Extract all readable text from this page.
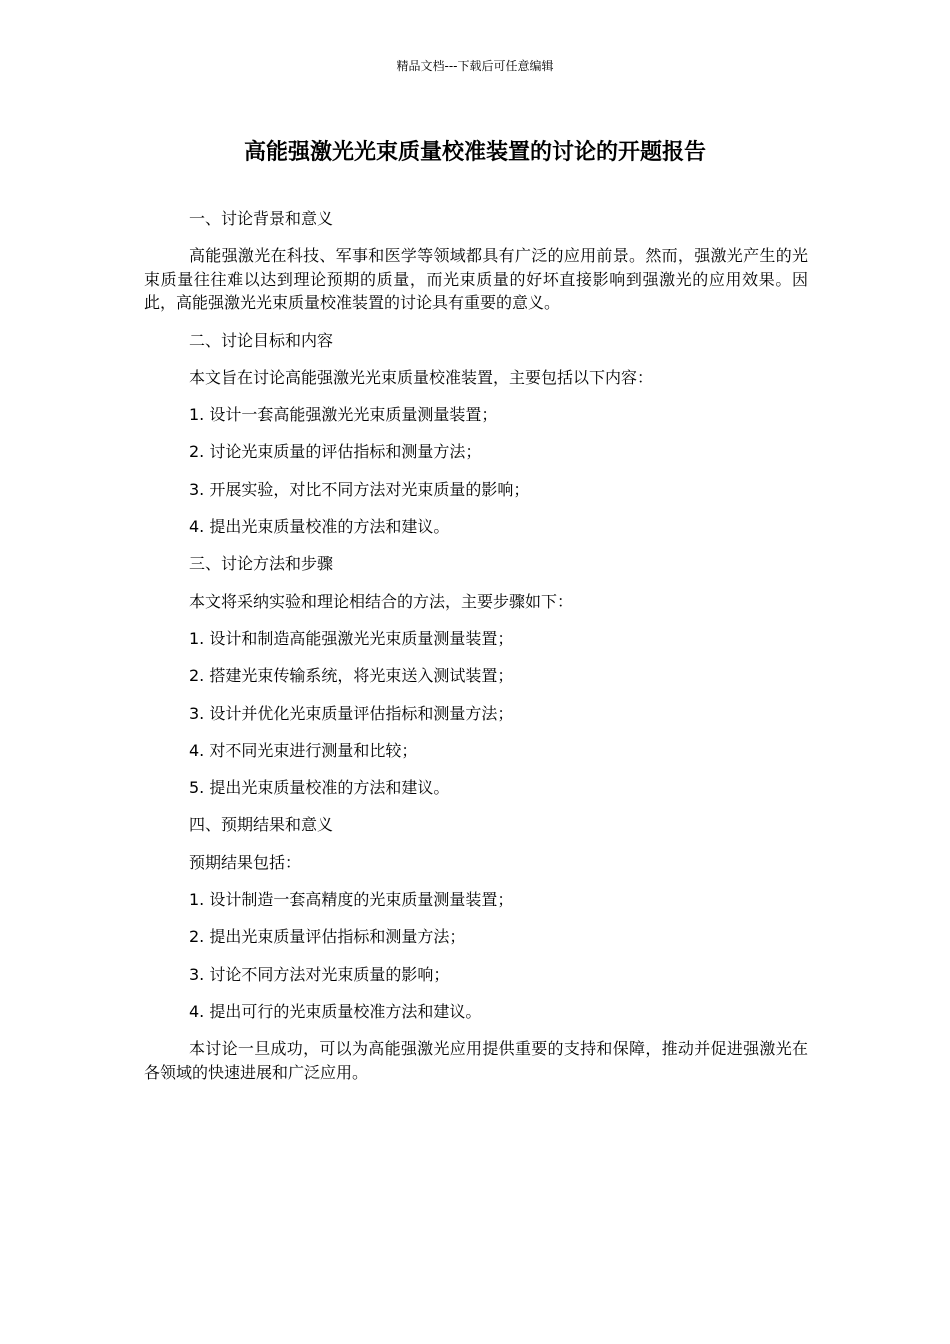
精品文档---下载后可任意编辑
高能强激光光束质量校准装置的讨论的开题报告
一、讨论背景和意义
高能强激光在科技、军事和医学等领域都具有广泛的应用前景。然而，强激光产生的光束质量往往难以达到理论预期的质量，而光束质量的好坏直接影响到强激光的应用效果。因此，高能强激光光束质量校准装置的讨论具有重要的意义。
二、讨论目标和内容
本文旨在讨论高能强激光光束质量校准装置，主要包括以下内容：
1. 设计一套高能强激光光束质量测量装置；
2. 讨论光束质量的评估指标和测量方法；
3. 开展实验，对比不同方法对光束质量的影响；
4. 提出光束质量校准的方法和建议。
三、讨论方法和步骤
本文将采纳实验和理论相结合的方法，主要步骤如下：
1. 设计和制造高能强激光光束质量测量装置；
2. 搭建光束传输系统，将光束送入测试装置；
3. 设计并优化光束质量评估指标和测量方法；
4. 对不同光束进行测量和比较；
5. 提出光束质量校准的方法和建议。
四、预期结果和意义
预期结果包括：
1. 设计制造一套高精度的光束质量测量装置；
2. 提出光束质量评估指标和测量方法；
3. 讨论不同方法对光束质量的影响；
4. 提出可行的光束质量校准方法和建议。
本讨论一旦成功，可以为高能强激光应用提供重要的支持和保障，推动并促进强激光在各领域的快速进展和广泛应用。
